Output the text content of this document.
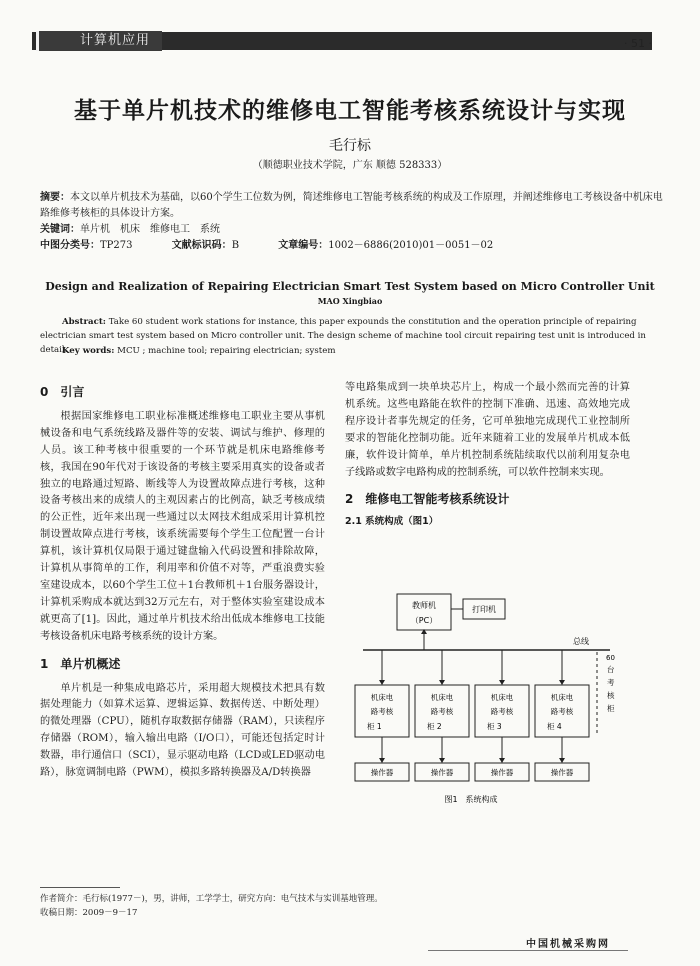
计算机应用	· 51 ·
基于单片机技术的维修电工智能考核系统设计与实现
毛行标
（顺德职业技术学院，广东 顺德 528333）
摘要：本文以单片机技术为基础，以60个学生工位数为例，简述维修电工智能考核系统的构成及工作原理，并阐述维修电工考核设备中机床电路维修考核柜的具体设计方案。
关键词：单片机　机床　维修电工　系统
中图分类号：TP273	文献标识码：B	文章编号：1002－6886(2010)01－0051－02
Design and Realization of Repairing Electrician Smart Test System based on Micro Controller Unit
MAO Xingbiao
Abstract: Take 60 student work stations for instance, this paper expounds the constitution and the operation principle of repairing electrician smart test system based on Micro controller unit. The design scheme of machine tool circuit repairing test unit is introduced in detail.
Key words: MCU ; machine tool; repairing electrician; system
0　引言

根据国家维修电工职业标准概述维修电工职业主要从事机械设备和电气系统线路及器件等的安装、调试与维护、修理的人员。该工种考核中很重要的一个环节就是机床电路维修考核，我国在90年代对于该设备的考核主要采用真实的设备或者独立的电路通过短路、断线等人为设置故障点进行考核，这种设备考核出来的成绩人的主观因素占的比例高，缺乏考核成绩的公正性，近年来出现一些通过以太网技术组成采用计算机控制设置故障点进行考核，该系统需要每个学生工位配置一台计算机，该计算机仅局限于通过键盘输入代码设置和排除故障，计算机从事简单的工作，利用率和价值不对等，严重浪费实验室建设成本，以60个学生工位＋1台教师机＋1台服务器设计，计算机采购成本就达到32万元左右，对于整体实验室建设成本就更高了[1]。因此，通过单片机技术给出低成本维修电工技能考核设备机床电路考核系统的设计方案。

1　单片机概述

单片机是一种集成电路芯片，采用超大规模技术把具有数据处理能力（如算术运算、逻辑运算、数据传送、中断处理）的微处理器（CPU），随机存取数据存储器（RAM），只读程序存储器（ROM），输入输出电路（I/O口），可能还包括定时计数器，串行通信口（SCI），显示驱动电路（LCD或LED驱动电路），脉宽调制电路（PWM），模拟多路转换器及A/D转换器

等电路集成到一块单块芯片上，构成一个最小然而完善的计算机系统。这些电路能在软件的控制下准确、迅速、高效地完成程序设计者事先规定的任务，它可单独地完成现代工业控制所要求的智能化控制功能。近年来随着工业的发展单片机成本低廉，软件设计简单，单片机控制系统陆续取代以前利用复杂电子线路或数字电路构成的控制系统，可以软件控制来实现。

2　维修电工智能考核系统设计
2.1 系统构成（图1）
教师机
（PC）
打印机
总线
机床电
路考核
柜 1
操作器
机床电
路考核
柜 2
操作器
机床电
路考核
柜 3
操作器
机床电
路考核
柜 4
操作器
60
台
考
核
柜
图1　系统构成
作者简介：毛行标(1977－)，男，讲师，工学学士，研究方向：电气技术与实训基地管理。
收稿日期：2009－9－17
中国机械采购网
